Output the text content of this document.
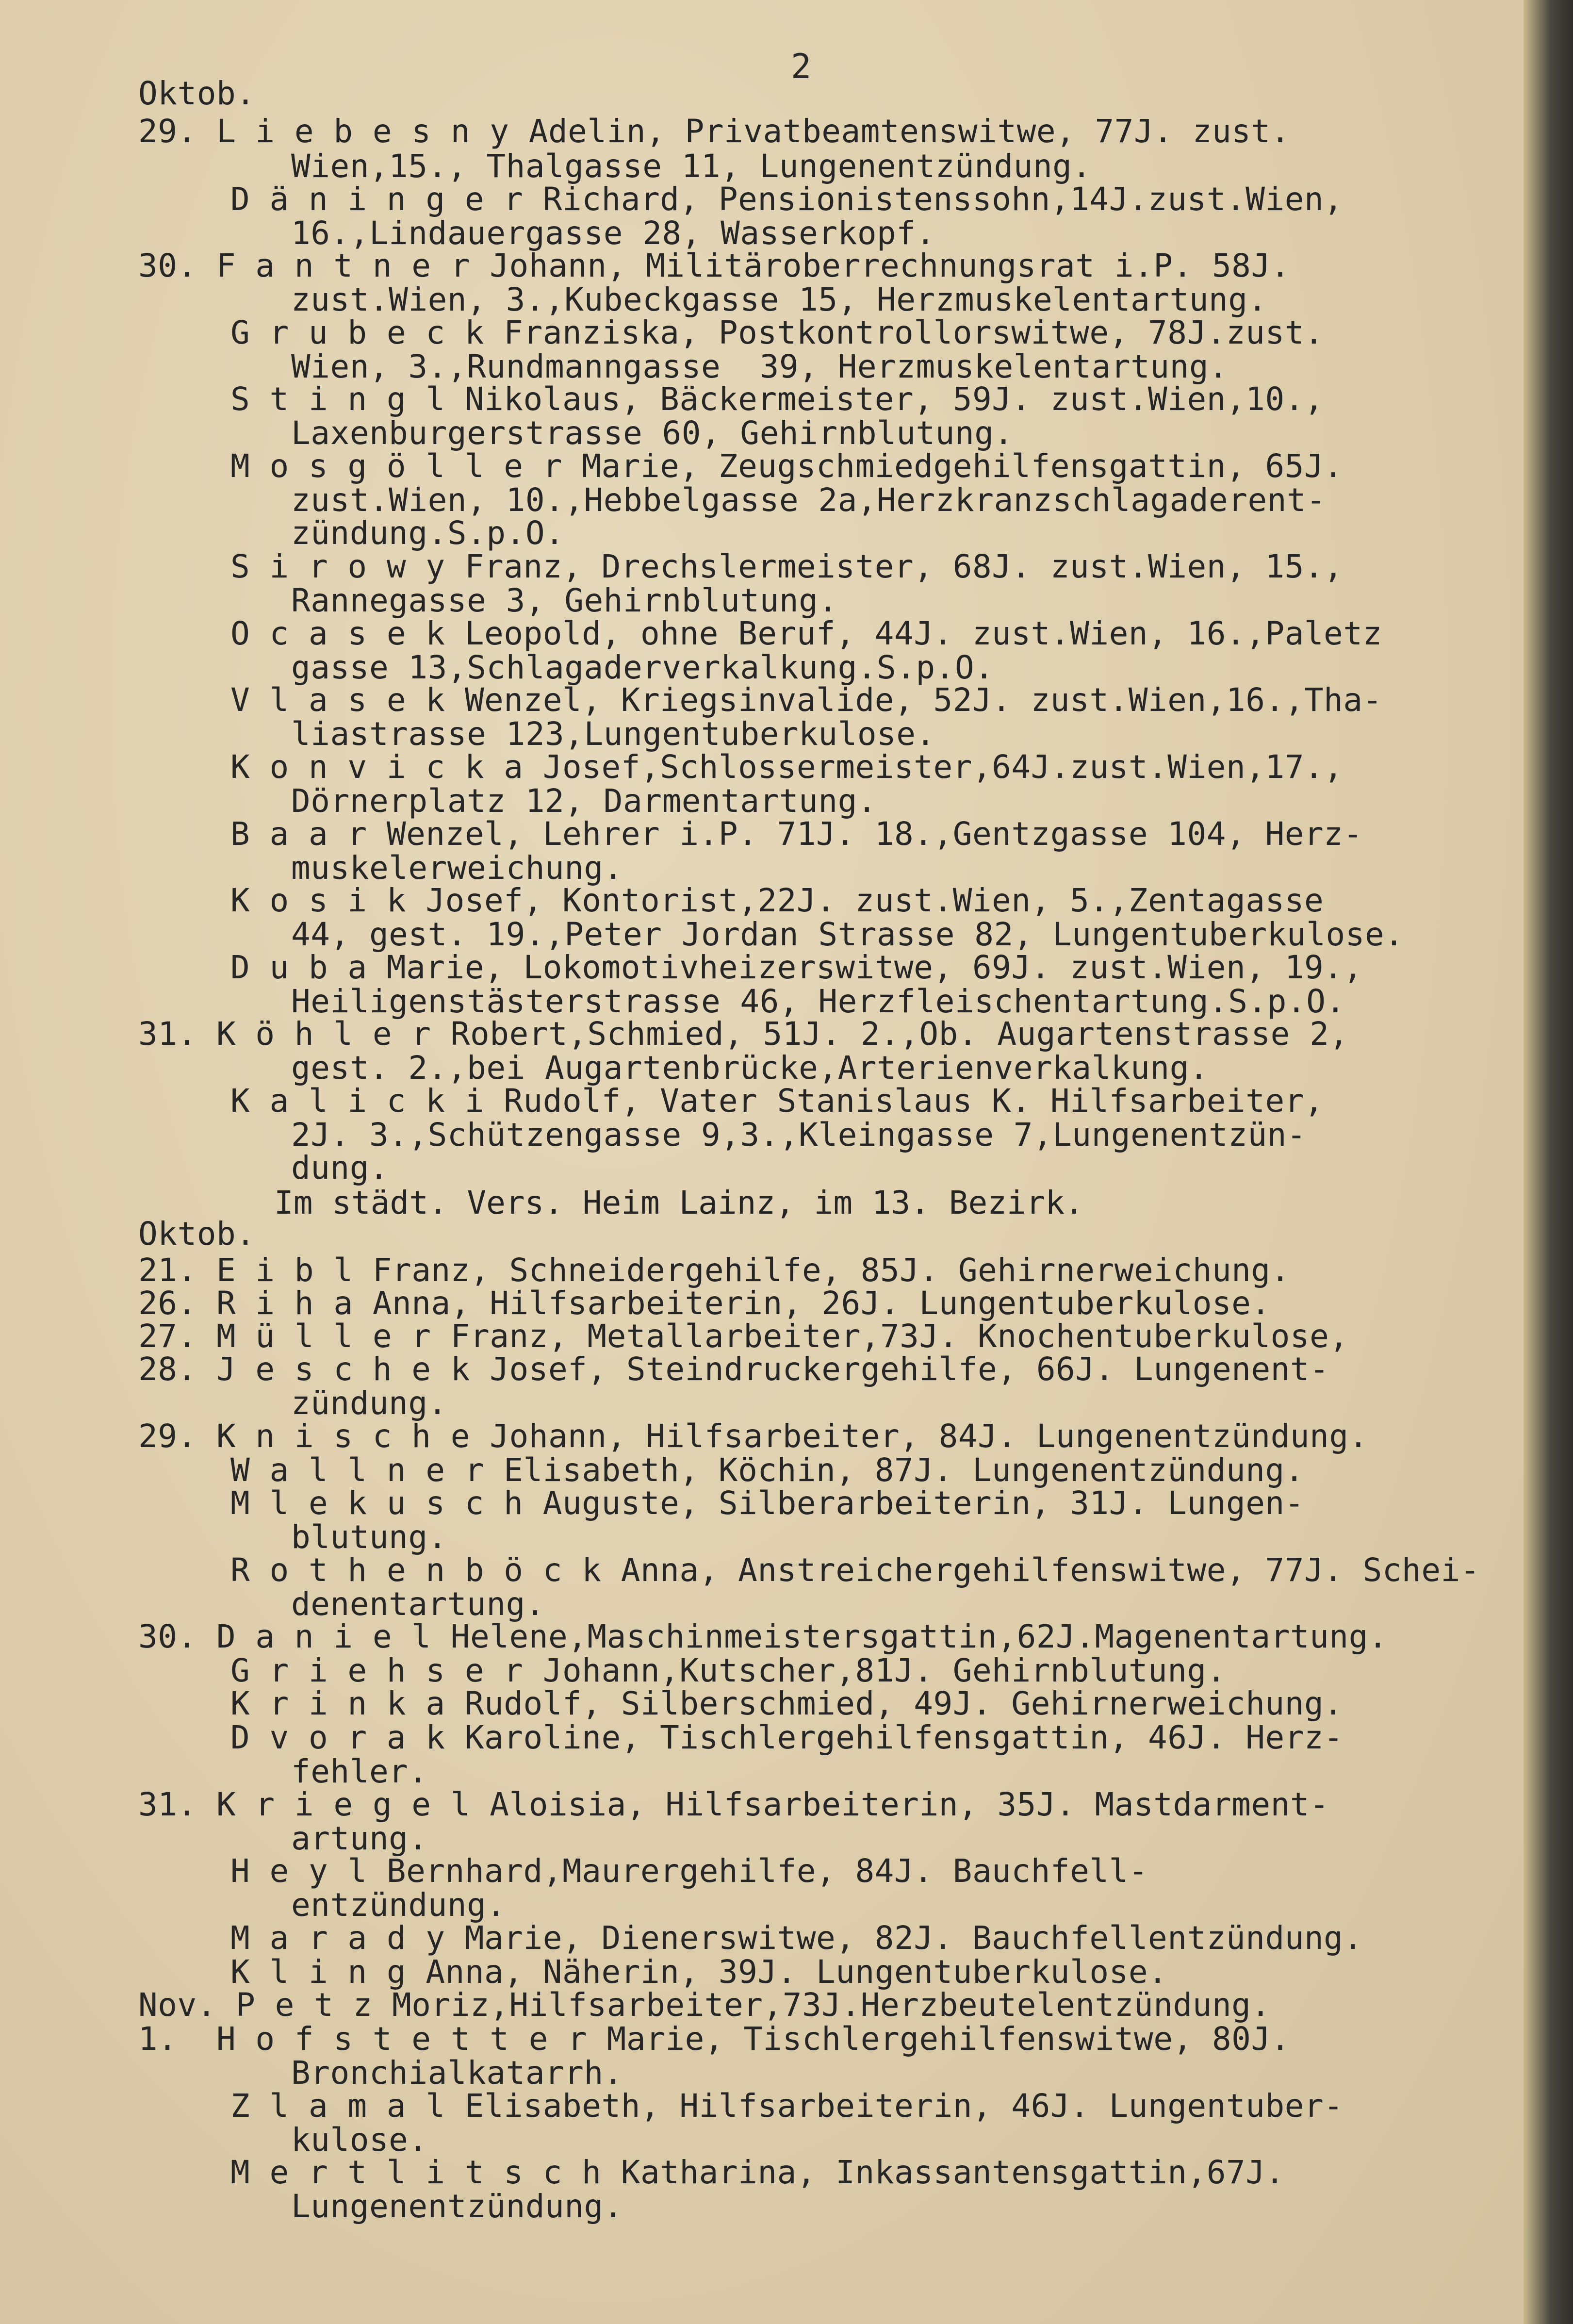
2
Im städt. Vers. Heim Lainz, im 13. Bezirk.
Oktob.
29. L i e b e s n y Adelin, Privatbeamtenswitwe, 77J. zust.
Wien,15., Thalgasse 11, Lungenentzündung.
D ä n i n g e r Richard, Pensionistenssohn,14J.zust.Wien,
16.,Lindauergasse 28, Wasserkopf.
30. F a n t n e r Johann, Militäroberrechnungsrat i.P. 58J.
zust.Wien, 3.,Kubeckgasse 15, Herzmuskelentartung.
G r u b e c k Franziska, Postkontrollorswitwe, 78J.zust.
Wien, 3.,Rundmanngasse  39, Herzmuskelentartung.
S t i n g l Nikolaus, Bäckermeister, 59J. zust.Wien,10.,
Laxenburgerstrasse 60, Gehirnblutung.
M o s g ö l l e r Marie, Zeugschmiedgehilfensgattin, 65J.
zust.Wien, 10.,Hebbelgasse 2a,Herzkranzschlagaderent-
zündung.S.p.O.
S i r o w y Franz, Drechslermeister, 68J. zust.Wien, 15.,
Rannegasse 3, Gehirnblutung.
O c a s e k Leopold, ohne Beruf, 44J. zust.Wien, 16.,Paletz
gasse 13,Schlagaderverkalkung.S.p.O.
V l a s e k Wenzel, Kriegsinvalide, 52J. zust.Wien,16.,Tha-
liastrasse 123,Lungentuberkulose.
K o n v i c k a Josef,Schlossermeister,64J.zust.Wien,17.,
Dörnerplatz 12, Darmentartung.
B a a r Wenzel, Lehrer i.P. 71J. 18.,Gentzgasse 104, Herz-
muskelerweichung.
K o s i k Josef, Kontorist,22J. zust.Wien, 5.,Zentagasse
44, gest. 19.,Peter Jordan Strasse 82, Lungentuberkulose.
D u b a Marie, Lokomotivheizerswitwe, 69J. zust.Wien, 19.,
Heiligenstästerstrasse 46, Herzfleischentartung.S.p.O.
31. K ö h l e r Robert,Schmied, 51J. 2.,Ob. Augartenstrasse 2,
gest. 2.,bei Augartenbrücke,Arterienverkalkung.
K a l i c k i Rudolf, Vater Stanislaus K. Hilfsarbeiter,
2J. 3.,Schützengasse 9,3.,Kleingasse 7,Lungenentzün-
dung.
Oktob.
21. E i b l Franz, Schneidergehilfe, 85J. Gehirnerweichung.
26. R i h a Anna, Hilfsarbeiterin, 26J. Lungentuberkulose.
27. M ü l l e r Franz, Metallarbeiter,73J. Knochentuberkulose,
28. J e s c h e k Josef, Steindruckergehilfe, 66J. Lungenent-
zündung.
29. K n i s c h e Johann, Hilfsarbeiter, 84J. Lungenentzündung.
W a l l n e r Elisabeth, Köchin, 87J. Lungenentzündung.
M l e k u s c h Auguste, Silberarbeiterin, 31J. Lungen-
blutung.
R o t h e n b ö c k Anna, Anstreichergehilfenswitwe, 77J. Schei-
denentartung.
30. D a n i e l Helene,Maschinmeistersgattin,62J.Magenentartung.
G r i e h s e r Johann,Kutscher,81J. Gehirnblutung.
K r i n k a Rudolf, Silberschmied, 49J. Gehirnerweichung.
D v o r a k Karoline, Tischlergehilfensgattin, 46J. Herz-
fehler.
31. K r i e g e l Aloisia, Hilfsarbeiterin, 35J. Mastdarment-
artung.
H e y l Bernhard,Maurergehilfe, 84J. Bauchfell-
entzündung.
M a r a d y Marie, Dienerswitwe, 82J. Bauchfellentzündung.
K l i n g Anna, Näherin, 39J. Lungentuberkulose.
Nov. P e t z Moriz,Hilfsarbeiter,73J.Herzbeutelentzündung.
1.  H o f s t e t t e r Marie, Tischlergehilfenswitwe, 80J.
Bronchialkatarrh.
Z l a m a l Elisabeth, Hilfsarbeiterin, 46J. Lungentuber-
kulose.
M e r t l i t s c h Katharina, Inkassantensgattin,67J.
Lungenentzündung.
